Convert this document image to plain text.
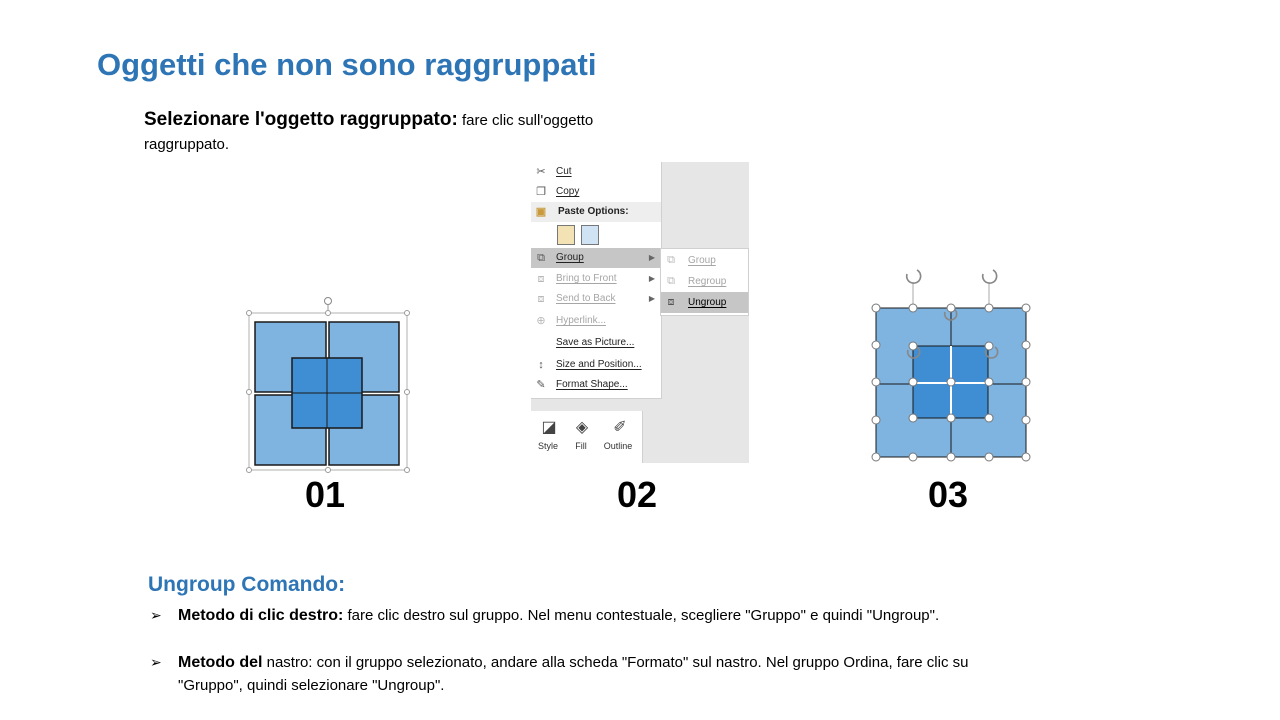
Oggetti che non sono raggruppati
Selezionare l'oggetto raggruppato: fare clic sull'oggetto raggruppato.
01
✂ Cut
❐ Copy
▣ Paste Options:
⧉	Group	▶
⧈	Bring to Front	▶
⧈	Send to Back	▶
⊕ Hyperlink...
Save as Picture...
↕	Size and Position...
✎ Format Shape...
⧉	Group
⧉	Regroup
⧈	Ungroup
◪
Style
◈
Fill
✐
Outline
02	03
Ungroup Comando:
➢	Metodo di clic destro: fare clic destro sul gruppo. Nel menu contestuale, scegliere "Gruppo" e quindi "Ungroup".
➢	Metodo del nastro: con il gruppo selezionato, andare alla scheda "Formato" sul nastro. Nel gruppo Ordina, fare clic su "Gruppo", quindi selezionare "Ungroup".
